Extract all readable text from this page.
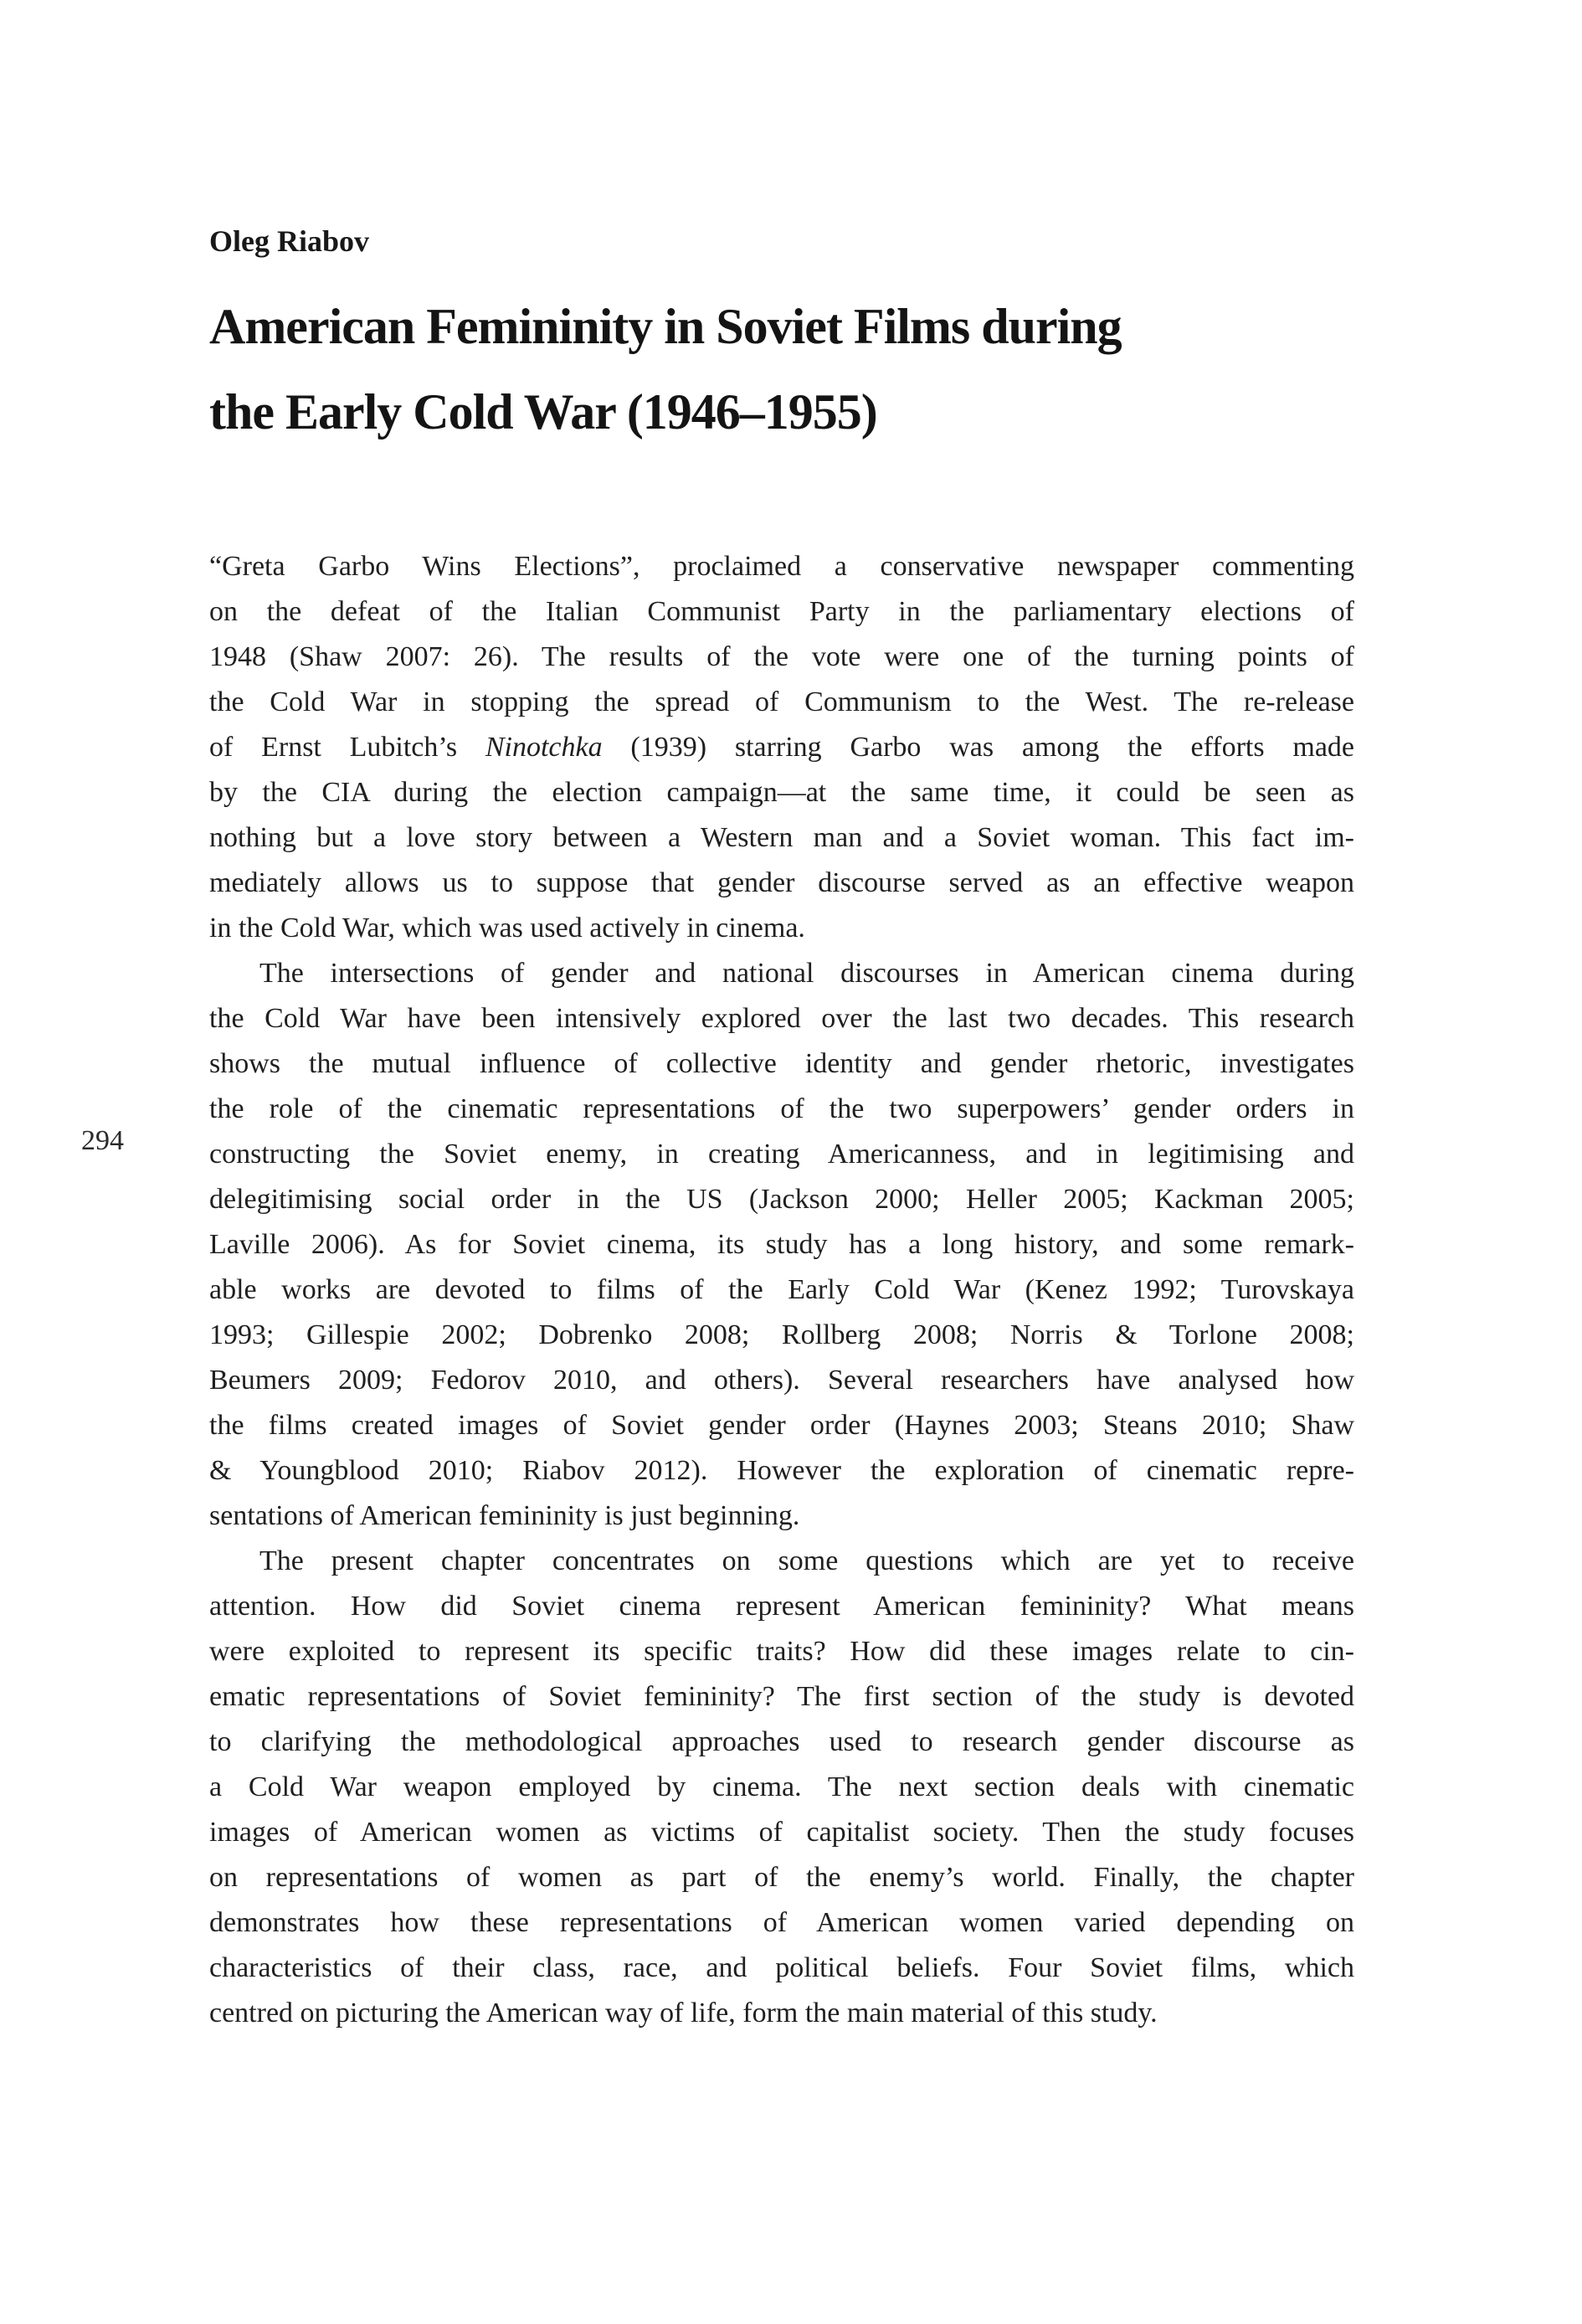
294
Oleg Riabov
American Femininity in Soviet Films during
the Early Cold War (1946–1955)
“Greta Garbo Wins Elections”, proclaimed a conservative newspaper commenting
on the defeat of the Italian Communist Party in the parliamentary elections of
1948 (Shaw 2007: 26). The results of the vote were one of the turning points of
the Cold War in stopping the spread of Communism to the West. The re-release
of Ernst Lubitch’s Ninotchka (1939) starring Garbo was among the efforts made
by the CIA during the election campaign—at the same time, it could be seen as
nothing but a love story between a Western man and a Soviet woman. This fact im-
mediately allows us to suppose that gender discourse served as an effective weapon
in the Cold War, which was used actively in cinema.
The intersections of gender and national discourses in American cinema during
the Cold War have been intensively explored over the last two decades. This research
shows the mutual influence of collective identity and gender rhetoric, investigates
the role of the cinematic representations of the two superpowers’ gender orders in
constructing the Soviet enemy, in creating Americanness, and in legitimising and
delegitimising social order in the US (Jackson 2000; Heller 2005; Kackman 2005;
Laville 2006). As for Soviet cinema, its study has a long history, and some remark-
able works are devoted to films of the Early Cold War (Kenez 1992; Turovskaya
1993; Gillespie 2002; Dobrenko 2008; Rollberg 2008; Norris & Torlone 2008;
Beumers 2009; Fedorov 2010, and others). Several researchers have analysed how
the films created images of Soviet gender order (Haynes 2003; Steans 2010; Shaw
& Youngblood 2010; Riabov 2012). However the exploration of cinematic repre-
sentations of American femininity is just beginning.
The present chapter concentrates on some questions which are yet to receive
attention. How did Soviet cinema represent American femininity? What means
were exploited to represent its specific traits? How did these images relate to cin-
ematic representations of Soviet femininity? The first section of the study is devoted
to clarifying the methodological approaches used to research gender discourse as
a Cold War weapon employed by cinema. The next section deals with cinematic
images of American women as victims of capitalist society. Then the study focuses
on representations of women as part of the enemy’s world. Finally, the chapter
demonstrates how these representations of American women varied depending on
characteristics of their class, race, and political beliefs. Four Soviet films, which
centred on picturing the American way of life, form the main material of this study.
